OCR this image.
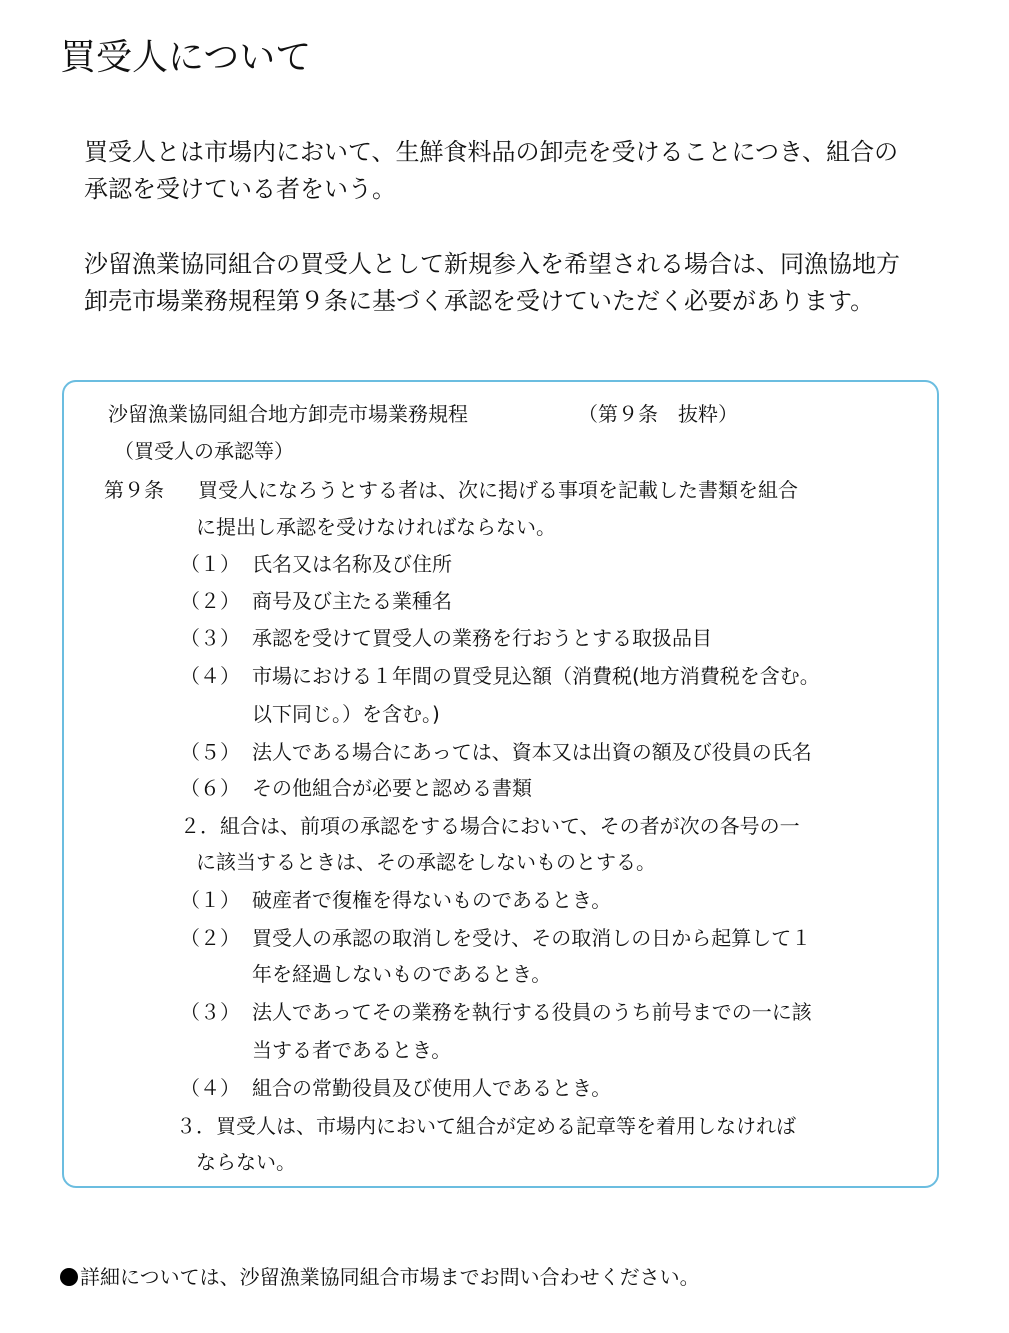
買受人について
買受人とは市場内において、生鮮食料品の卸売を受けることにつき、組合の
承認を受けている者をいう。
沙留漁業協同組合の買受人として新規参入を希望される場合は、同漁協地方
卸売市場業務規程第９条に基づく承認を受けていただく必要があります。
沙留漁業協同組合地方卸売市場業務規程	（第９条　抜粋）
（買受人の承認等）
第９条 買受人になろうとする者は、次に掲げる事項を記載した書類を組合
に提出し承認を受けなければならない。
（１） 氏名又は名称及び住所
（２） 商号及び主たる業種名
（３） 承認を受けて買受人の業務を行おうとする取扱品目
（４） 市場における１年間の買受見込額（消費税(地方消費税を含む。
以下同じ。）を含む。)
（５） 法人である場合にあっては、資本又は出資の額及び役員の氏名
（６） その他組合が必要と認める書類
２．組合は、前項の承認をする場合において、その者が次の各号の一
に該当するときは、その承認をしないものとする。
（１） 破産者で復権を得ないものであるとき。
（２） 買受人の承認の取消しを受け、その取消しの日から起算して１
年を経過しないものであるとき。
（３） 法人であってその業務を執行する役員のうち前号までの一に該
当する者であるとき。
（４） 組合の常勤役員及び使用人であるとき。
３．買受人は、市場内において組合が定める記章等を着用しなければ
ならない。
詳細については、沙留漁業協同組合市場までお問い合わせください。
